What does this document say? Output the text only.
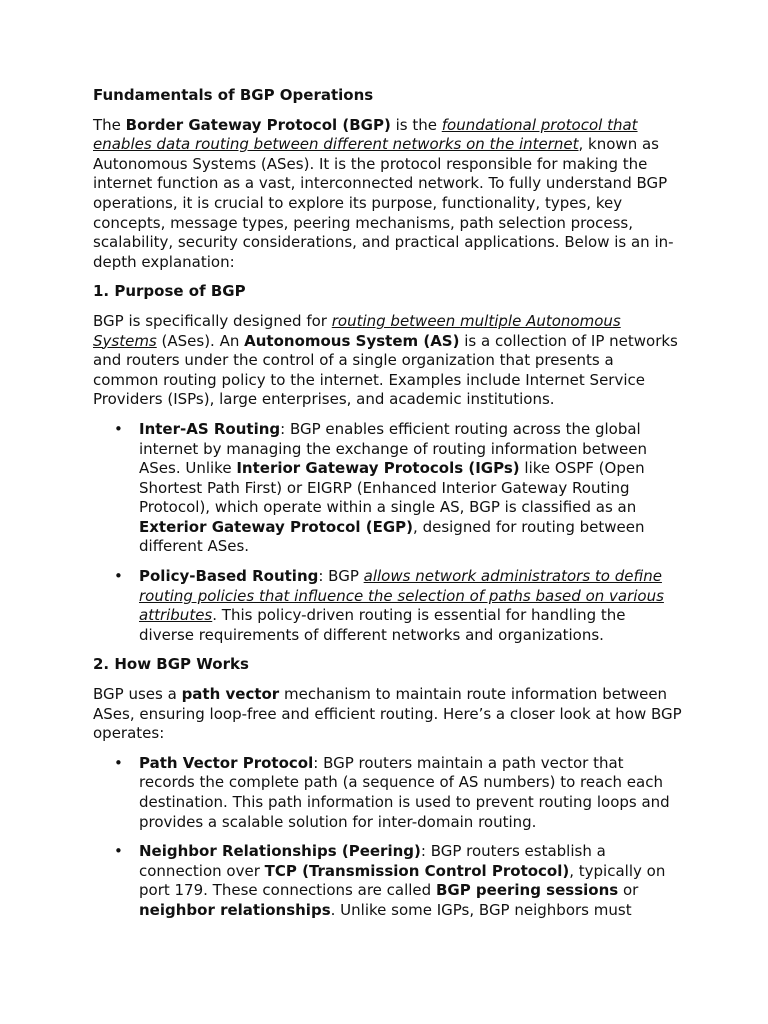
Fundamentals of BGP Operations

The Border Gateway Protocol (BGP) is the foundational protocol that enables data routing between different networks on the internet, known as Autonomous Systems (ASes). It is the protocol responsible for making the internet function as a vast, interconnected network. To fully understand BGP operations, it is crucial to explore its purpose, functionality, types, key concepts, message types, peering mechanisms, path selection process, scalability, security considerations, and practical applications. Below is an in-depth explanation:

1. Purpose of BGP

BGP is specifically designed for routing between multiple Autonomous Systems (ASes). An Autonomous System (AS) is a collection of IP networks and routers under the control of a single organization that presents a common routing policy to the internet. Examples include Internet Service Providers (ISPs), large enterprises, and academic institutions.

• Inter-AS Routing: BGP enables efficient routing across the global internet by managing the exchange of routing information between ASes. Unlike Interior Gateway Protocols (IGPs) like OSPF (Open Shortest Path First) or EIGRP (Enhanced Interior Gateway Routing Protocol), which operate within a single AS, BGP is classified as an Exterior Gateway Protocol (EGP), designed for routing between different ASes.
• Policy-Based Routing: BGP allows network administrators to define routing policies that influence the selection of paths based on various attributes. This policy-driven routing is essential for handling the diverse requirements of different networks and organizations.
2. How BGP Works

BGP uses a path vector mechanism to maintain route information between ASes, ensuring loop-free and efficient routing. Here’s a closer look at how BGP operates:

• Path Vector Protocol: BGP routers maintain a path vector that records the complete path (a sequence of AS numbers) to reach each destination. This path information is used to prevent routing loops and provides a scalable solution for inter-domain routing.
• Neighbor Relationships (Peering): BGP routers establish a connection over TCP (Transmission Control Protocol), typically on port 179. These connections are called BGP peering sessions or neighbor relationships. Unlike some IGPs, BGP neighbors must
